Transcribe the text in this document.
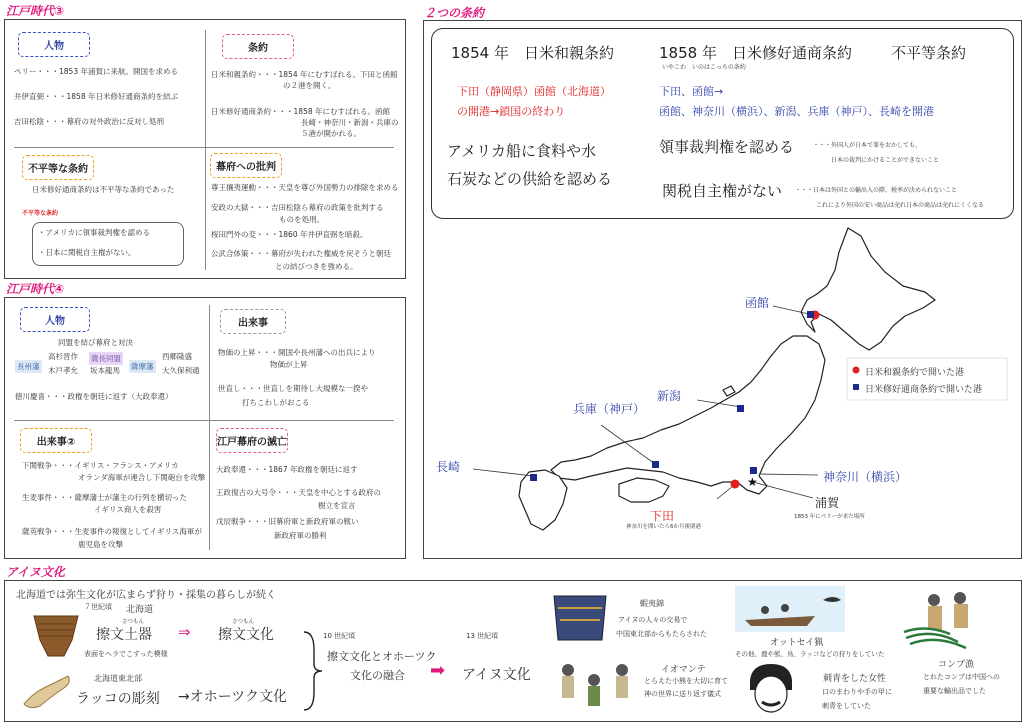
江戸時代③
人物
ペリー・・・1853 年浦賀に来航。開国を求める
井伊直弼・・・1858 年日米修好通商条約を結ぶ
吉田松陰・・・幕府の対外政治に反対し処刑
条約
日米和親条約・・・1854 年にむすばれる。下田と函館
の２港を開く。
日米修好通商条約・・・1858 年にむすばれる。函館
長崎・神奈川・新潟・兵庫の
５港が開かれる。
不平等な条約
日米修好通商条約は不平等な条約であった
不平等な条約
・アメリカに領事裁判権を認める
・日本に関税自主権がない。
幕府への批判
尊王攘夷運動・・・天皇を尊び外国勢力の排除を求める
安政の大獄・・・吉田松陰ら幕府の政策を批判する
ものを処刑。
桜田門外の変・・・1860 年井伊直弼を暗殺。
公武合体策・・・幕府が失われた権威を戻そうと朝廷
との結びつきを強める。
江戸時代④
人物
同盟を結び幕府と対決
長州藩
高杉晋作
木戸孝允
薩長同盟
坂本龍馬 薩摩藩
西郷隆盛
大久保利通
徳川慶喜・・・政権を朝廷に返す（大政奉還）
出来事
物価の上昇・・・開国や長州藩への出兵により
物価が上昇
世直し・・・世直しを期待し大規模な一揆や
打ちこわしがおこる
出来事②
下関戦争・・・イギリス・フランス・アメリカ
オランダ海軍が連合し下関砲台を攻撃
生麦事件・・・薩摩藩士が藩主の行列を横切った
イギリス商人を殺害
薩英戦争・・・生麦事件の報復としてイギリス海軍が
鹿児島を攻撃
江戸幕府の滅亡
大政奉還・・・1867 年政権を朝廷に返す
王政復古の大号令・・・天皇を中心とする政府の
樹立を宣言
戊辰戦争・・・旧幕府軍と新政府軍の戦い
新政府軍の勝利
２つの条約
1854 年　日米和親条約
下田（静岡県）函館（北海道）
の開港→鎖国の終わり
アメリカ船に食料や水
石炭などの供給を認める
1858 年　日米修好通商条約	不平等条約
いやこわ　いのはこっちの条約
下田、函館→
函館、神奈川（横浜）、新潟、兵庫（神戸）、長崎を開港
領事裁判権を認める	・・・外国人が日本で罪をおかしても、
日本の裁判にかけることができないこと
関税自主権がない ・・・日本は外国との輸出入の際、税率が決められないこと
これにより外国の安い商品は売れ日本の商品は売れにくくなる
★
日米和親条約で開いた港
日米修好通商条約で開いた港
函館
新潟
兵庫（神戸）
長崎
神奈川（横浜）
下田
神奈川を開いたら6か月後閉港
浦賀
1853 年にペリーが来た場所
アイヌ文化
北海道では弥生文化が広まらず狩り・採集の暮らしが続く
７世紀頃 北海道
さつもん
擦文土器 ⇒
さつもん
擦文文化
表面をヘラでこすった模様
北海道東北部
ラッコの彫刻 →オホーツク文化
10 世紀頃
擦文文化とオホーツク
文化の融合 ➡
13 世紀頃
アイヌ文化
蝦夷錦
アイヌの人々の交易で
中国東北部からもたらされた
オットセイ猟
その他、鹿や熊、鳥、ラッコなどの狩りをしていた
イオマンテ
とらえた小熊を大切に育て
神の世界に送り返す儀式
刺青をした女性
口のまわりや手の甲に
刺青をしていた
コンブ漁
とれたコンブは中国への
重要な輸出品でした
